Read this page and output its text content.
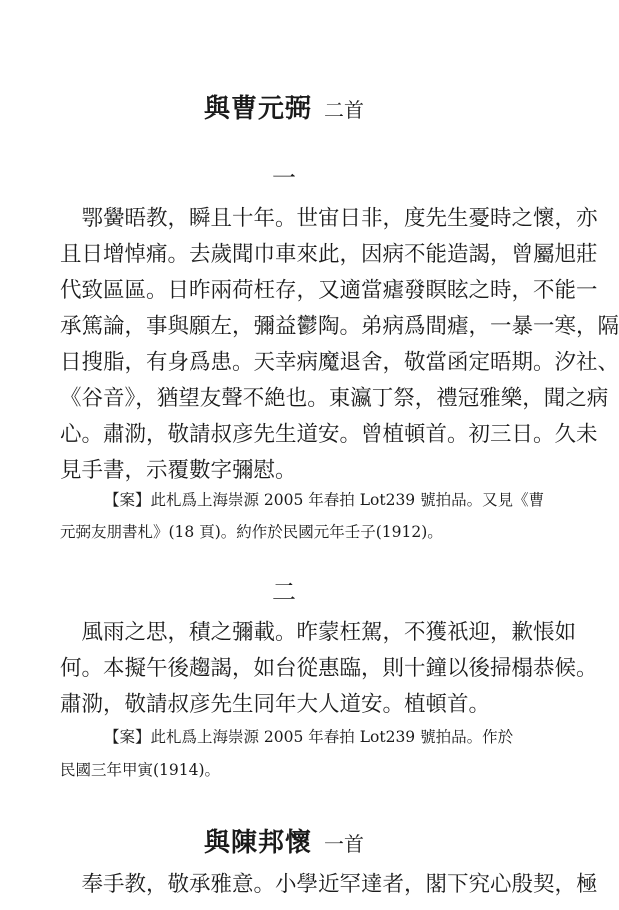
與曹元弼 二首
一
　鄂黌晤教，瞬且十年。世宙日非，度先生憂時之懷，亦
且日增悼痛。去歲聞巾車來此，因病不能造謁，曾屬旭莊
代致區區。日昨兩荷枉存，又適當瘧發瞑眩之時，不能一
承篤論，事與願左，彌益鬱陶。弟病爲間瘧，一暴一寒，隔
日搜脂，有身爲患。天幸病魔退舍，敬當函定晤期。汐社、
《谷音》，猶望友聲不絶也。東瀛丁祭，禮冠雅樂，聞之病
心。肅泐，敬請叔彦先生道安。曾植頓首。初三日。久未
見手書，示覆數字彌慰。
【案】此札爲上海崇源 2005 年春拍 Lot239 號拍品。又見《曹
元弼友朋書札》(18 頁)。約作於民國元年壬子(1912)。
二
　風雨之思，積之彌載。昨蒙枉駕，不獲祇迎，歉悵如
何。本擬午後趨謁，如台從惠臨，則十鐘以後掃榻恭候。
肅泐，敬請叔彦先生同年大人道安。植頓首。
【案】此札爲上海崇源 2005 年春拍 Lot239 號拍品。作於
民國三年甲寅(1914)。
與陳邦懷 一首
　奉手教，敬承雅意。小學近罕達者，閣下究心殷契，極
